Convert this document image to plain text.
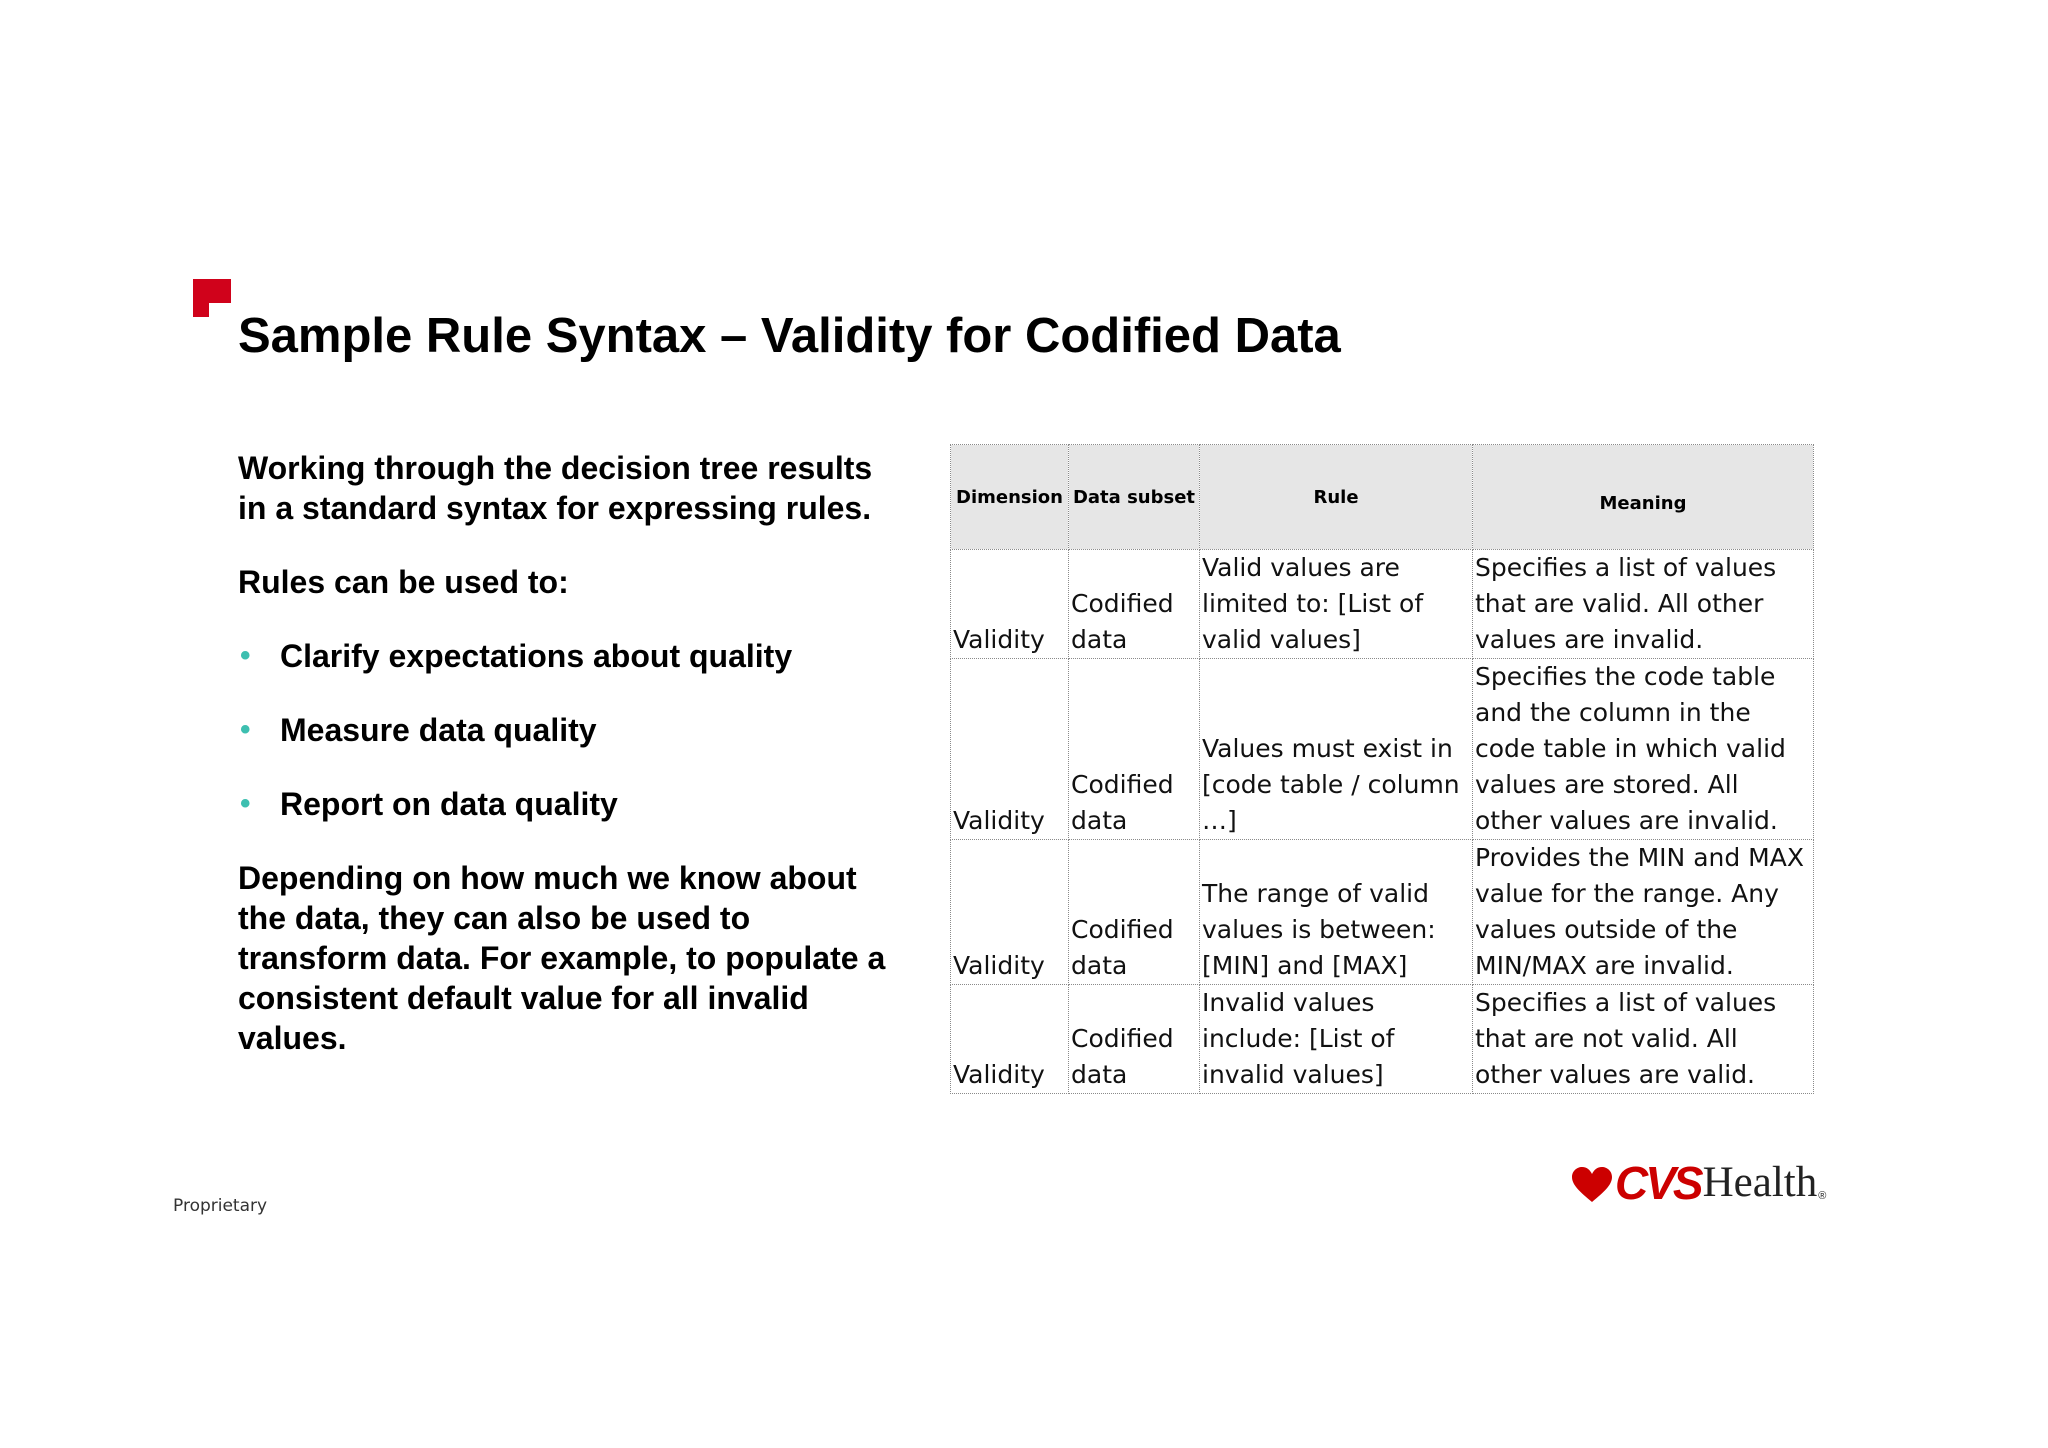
Sample Rule Syntax – Validity for Codified Data

Working through the decision tree results in a standard syntax for expressing rules.

Rules can be used to:

• Clarify expectations about quality
• Measure data quality
• Report on data quality

Depending on how much we know about the data, they can also be used to transform data. For example, to populate a consistent default value for all invalid values.

Dimension	Data subset	Rule	Meaning
Validity	Codified data	Valid values are limited to: [List of valid values]	Specifies a list of values that are valid. All other values are invalid.
Validity	Codified data	Values must exist in [code table / column …]	Specifies the code table and the column in the code table in which valid values are stored. All other values are invalid.
Validity	Codified data	The range of valid values is between: [MIN] and [MAX]	Provides the MIN and MAX value for the range. Any values outside of the MIN/MAX are invalid.
Validity	Codified data	Invalid values include: [List of invalid values]	Specifies a list of values that are not valid. All other values are valid.
Proprietary	CVS Health ®
